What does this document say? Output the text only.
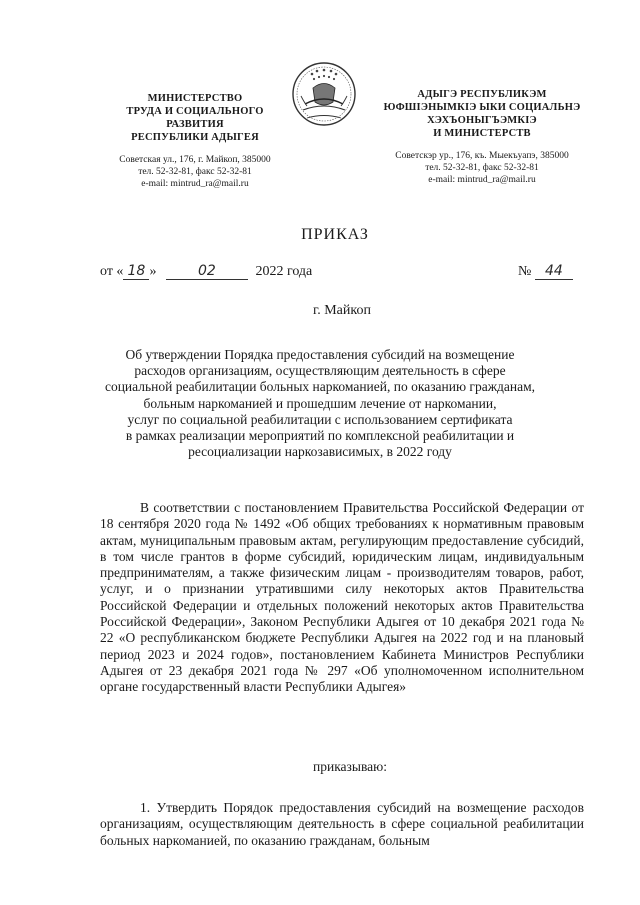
МИНИСТЕРСТВО
ТРУДА И СОЦИАЛЬНОГО
РАЗВИТИЯ
РЕСПУБЛИКИ АДЫГЕЯ
Советская ул., 176, г. Майкоп, 385000
тел. 52-32-81, факс 52-32-81
e-mail: mintrud_ra@mail.ru
АДЫГЭ РЕСПУБЛИКЭМ
ЮФШІЭНЫМКІЭ ЫКИ СОЦИАЛЬНЭ
ХЭХЪОНЫГЪЭМКІЭ
И МИНИСТЕРСТВ
Советскэр ур., 176, къ. Мыекъуапэ, 385000
тел. 52-32-81, факс 52-32-81
e-mail: mintrud_ra@mail.ru
ПРИКАЗ
от « 18 »	02	2022 года	№ 44
г. Майкоп
Об утверждении Порядка предоставления субсидий на возмещение
расходов организациям, осуществляющим деятельность в сфере
социальной реабилитации больных наркоманией, по оказанию гражданам,
больным наркоманией и прошедшим лечение от наркомании,
услуг по социальной реабилитации с использованием сертификата
в рамках реализации мероприятий по комплексной реабилитации и
ресоциализации наркозависимых, в 2022 году
В соответствии с постановлением Правительства Российской Федерации от 18 сентября 2020 года № 1492 «Об общих требованиях к нормативным правовым актам, муниципальным правовым актам, регулирующим предоставление субсидий, в том числе грантов в форме субсидий, юридическим лицам, индивидуальным предпринимателям, а также физическим лицам - производителям товаров, работ, услуг, и о признании утратившими силу некоторых актов Правительства Российской Федерации и отдельных положений некоторых актов Правительства Российской Федерации», Законом Республики Адыгея от 10 декабря 2021 года № 22 «О республиканском бюджете Республики Адыгея на 2022 год и на плановый период 2023 и 2024 годов», постановлением Кабинета Министров Республики Адыгея от 23 декабря 2021 года № 297 «Об уполномоченном исполнительном органе государственный власти Республики Адыгея»
приказываю:
1. Утвердить Порядок предоставления субсидий на возмещение расходов организациям, осуществляющим деятельность в сфере социальной реабилитации больных наркоманией, по оказанию гражданам, больным
